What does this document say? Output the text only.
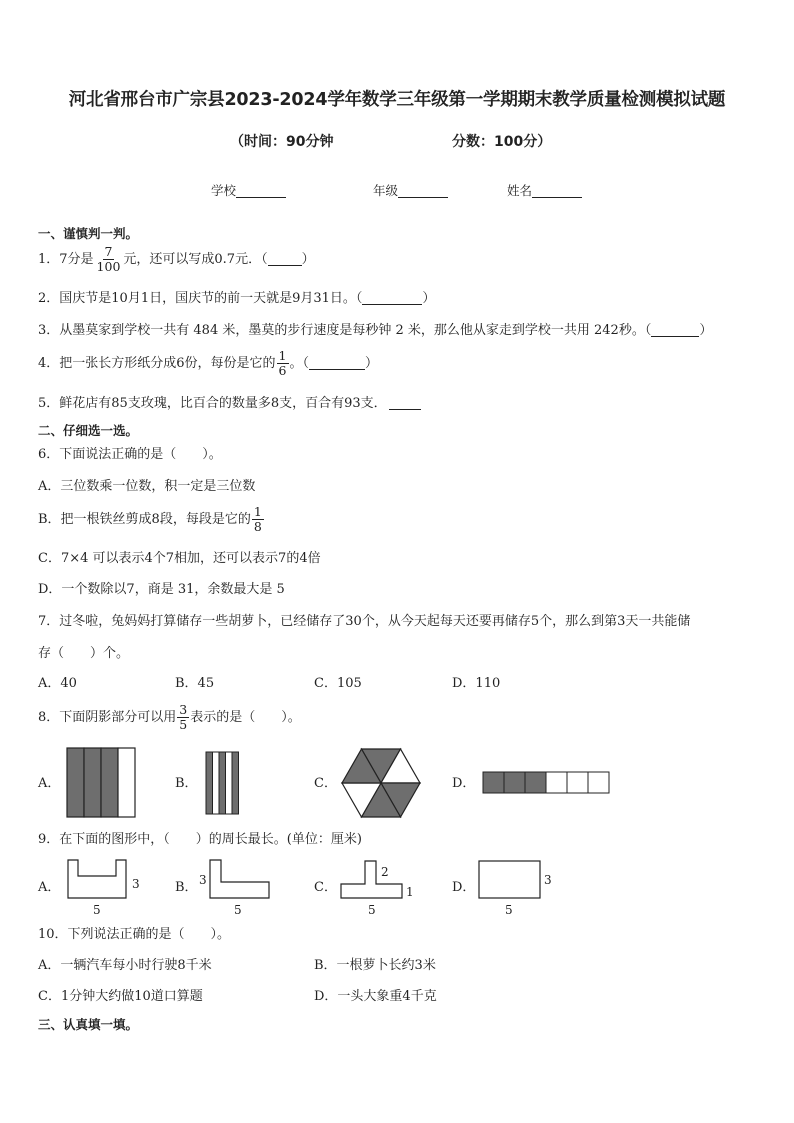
河北省邢台市广宗县2023-2024学年数学三年级第一学期期末教学质量检测模拟试题
（时间：90分钟	分数：100分）
学校	年级	姓名
一、谨慎判一判。
1．7分是 $\frac{7}{100}$ 元，还可以写成0.7元．（	）
2．国庆节是10月1日，国庆节的前一天就是9月31日。（	）
3．从墨莫家到学校一共有 484 米，墨莫的步行速度是每秒钟 2 米，那么他从家走到学校一共用 242秒。（	）
4．把一张长方形纸分成6份，每份是它的 $\frac{1}{6}$ 。（	）
5．鲜花店有85支玫瑰，比百合的数量多8支，百合有93支．
二、仔细选一选。
6．下面说法正确的是（　　）。
A．三位数乘一位数，积一定是三位数
B．把一根铁丝剪成8段，每段是它的 $\frac{1}{8}$
C．7×4 可以表示4个7相加，还可以表示7的4倍
D．一个数除以7，商是 31，余数最大是 5
7．过冬啦，兔妈妈打算储存一些胡萝卜，已经储存了30个，从今天起每天还要再储存5个，那么到第3天一共能储
存（　　）个。
A．40	B．45	C．105	D．110
8．下面阴影部分可以用 $\frac{3}{5}$ 表示的是（　　）。
A．	B．	C．	D．
9．在下面的图形中，（　　）的周长最长。(单位：厘米)
A．	3
5
B． 3
5
C．
2
1
5
D．	3
5
10．下列说法正确的是（　　）。
A．一辆汽车每小时行驶8千米	B．一根萝卜长约3米
C．1分钟大约做10道口算题	D．一头大象重4千克
三、认真填一填。
